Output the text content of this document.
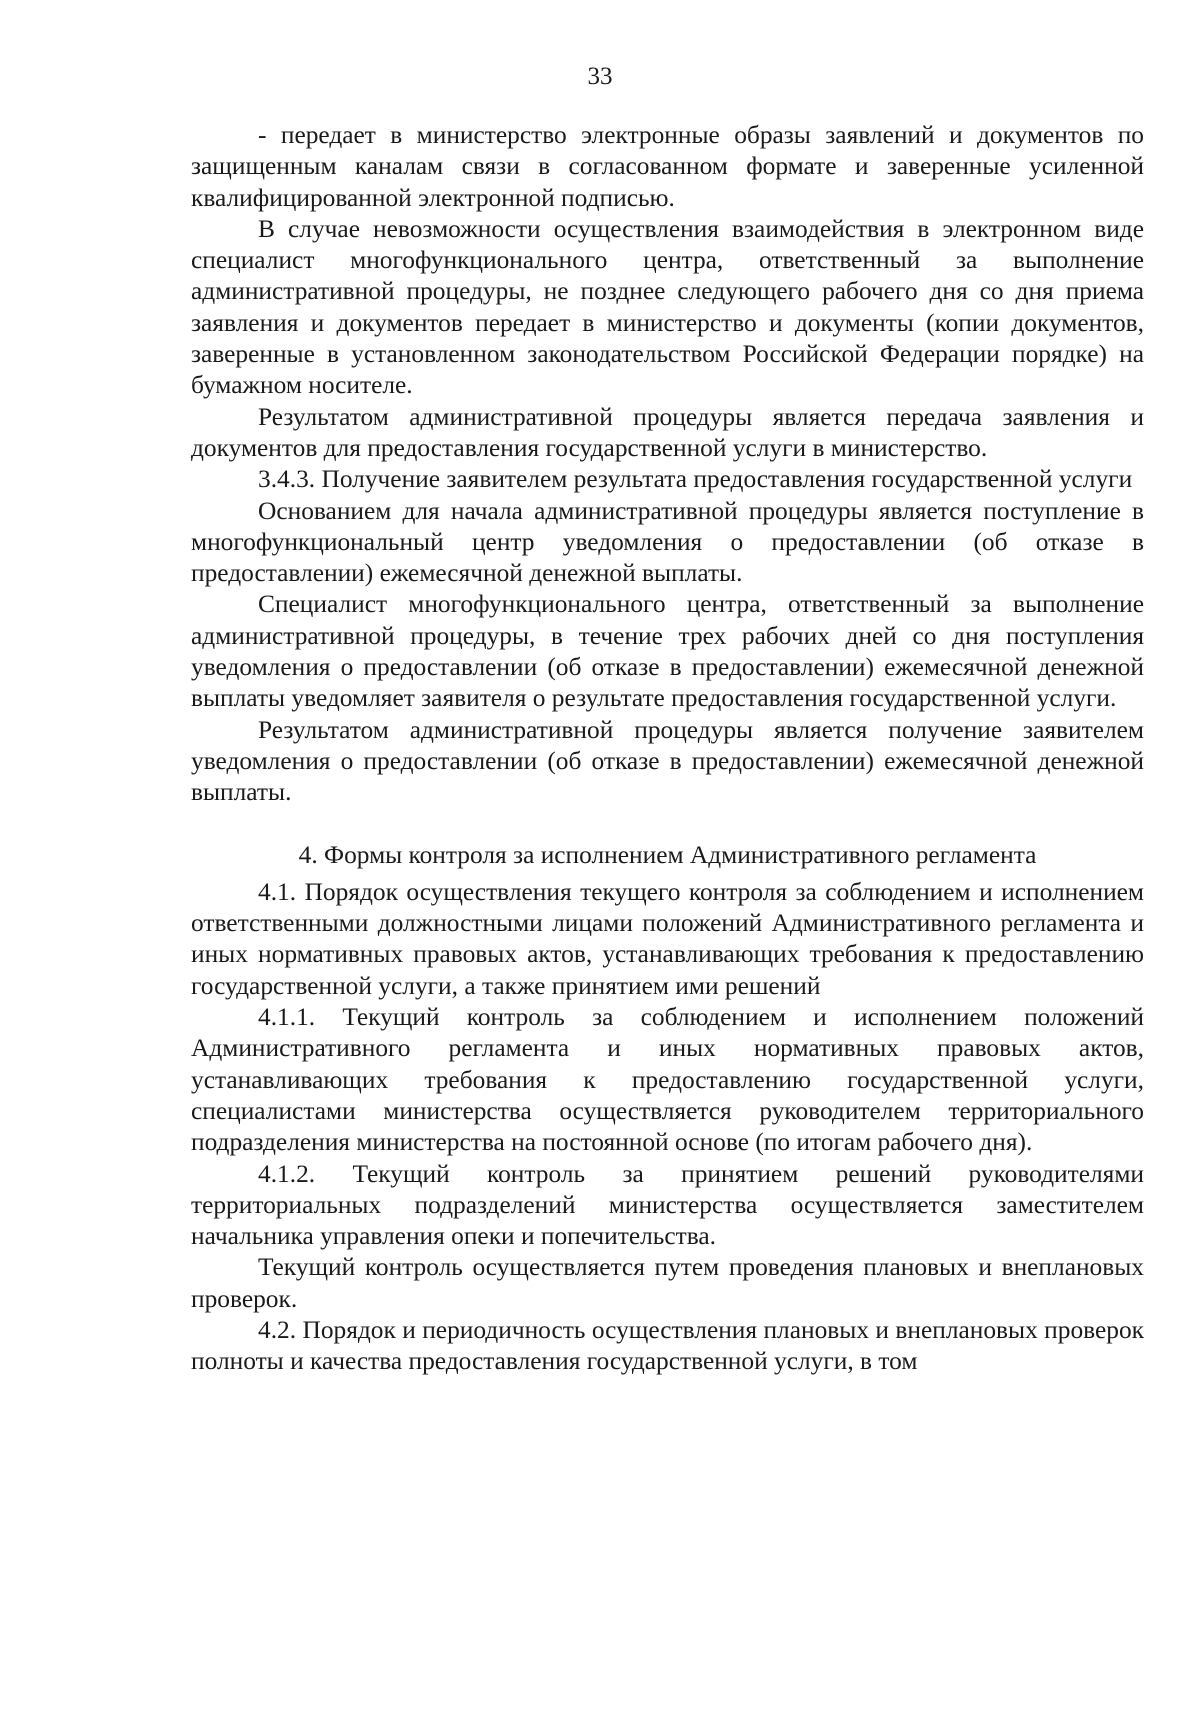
33

- передает в министерство электронные образы заявлений и документов по защищенным каналам связи в согласованном формате и заверенные усиленной квалифицированной электронной подписью.

В случае невозможности осуществления взаимодействия в электронном виде специалист многофункционального центра, ответственный за выполнение административной процедуры, не позднее следующего рабочего дня со дня приема заявления и документов передает в министерство и документы (копии документов, заверенные в установленном законодательством Российской Федерации порядке) на бумажном носителе.

Результатом административной процедуры является передача заявления и документов для предоставления государственной услуги в министерство.

3.4.3. Получение заявителем результата предоставления государственной услуги

Основанием для начала административной процедуры является поступление в многофункциональный центр уведомления о предоставлении (об отказе в предоставлении) ежемесячной денежной выплаты.

Специалист многофункционального центра, ответственный за выполнение административной процедуры, в течение трех рабочих дней со дня поступления уведомления о предоставлении (об отказе в предоставлении) ежемесячной денежной выплаты уведомляет заявителя о результате предоставления государственной услуги.

Результатом административной процедуры является получение заявителем уведомления о предоставлении (об отказе в предоставлении) ежемесячной денежной выплаты.

4. Формы контроля за исполнением Административного регламента

4.1. Порядок осуществления текущего контроля за соблюдением и исполнением ответственными должностными лицами положений Административного регламента и иных нормативных правовых актов, устанавливающих требования к предоставлению государственной услуги, а также принятием ими решений

4.1.1. Текущий контроль за соблюдением и исполнением положений Административного регламента и иных нормативных правовых актов, устанавливающих требования к предоставлению государственной услуги, специалистами министерства осуществляется руководителем территориального подразделения министерства на постоянной основе (по итогам рабочего дня).

4.1.2. Текущий контроль за принятием решений руководителями территориальных подразделений министерства осуществляется заместителем начальника управления опеки и попечительства.

Текущий контроль осуществляется путем проведения плановых и внеплановых проверок.

4.2. Порядок и периодичность осуществления плановых и внеплановых проверок полноты и качества предоставления государственной услуги, в том
